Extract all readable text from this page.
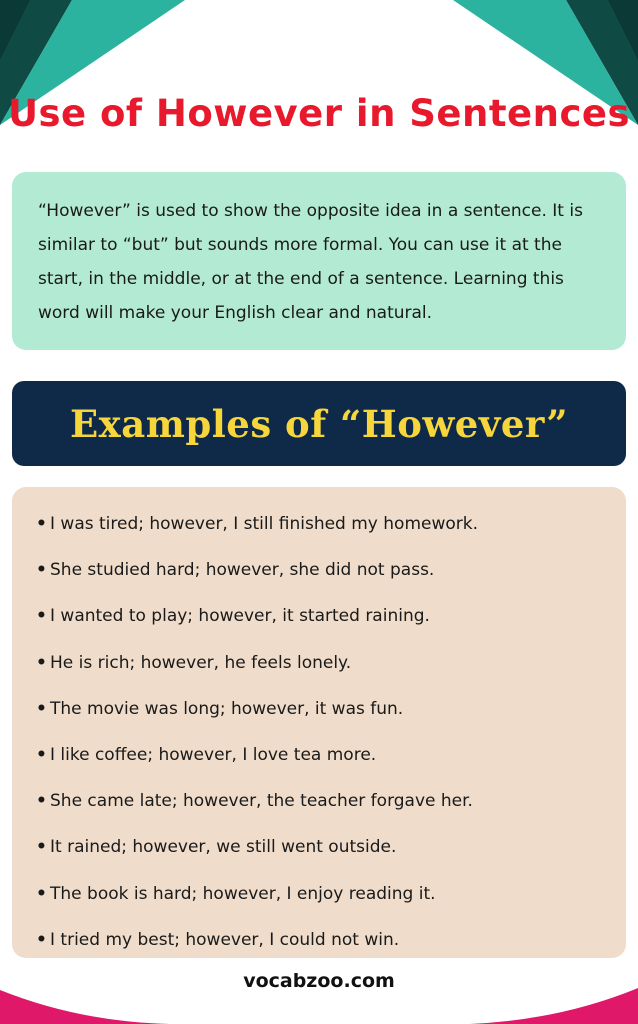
Use of However in Sentences

“However” is used to show the opposite idea in a sentence. It is similar to “but” but sounds more formal. You can use it at the start, in the middle, or at the end of a sentence. Learning this word will make your English clear and natural.

Examples of “However”
• I was tired; however, I still finished my homework.
• She studied hard; however, she did not pass.
• I wanted to play; however, it started raining.
• He is rich; however, he feels lonely.
• The movie was long; however, it was fun.
• I like coffee; however, I love tea more.
• She came late; however, the teacher forgave her.
• It rained; however, we still went outside.
• The book is hard; however, I enjoy reading it.
• I tried my best; however, I could not win.
vocabzoo.com
